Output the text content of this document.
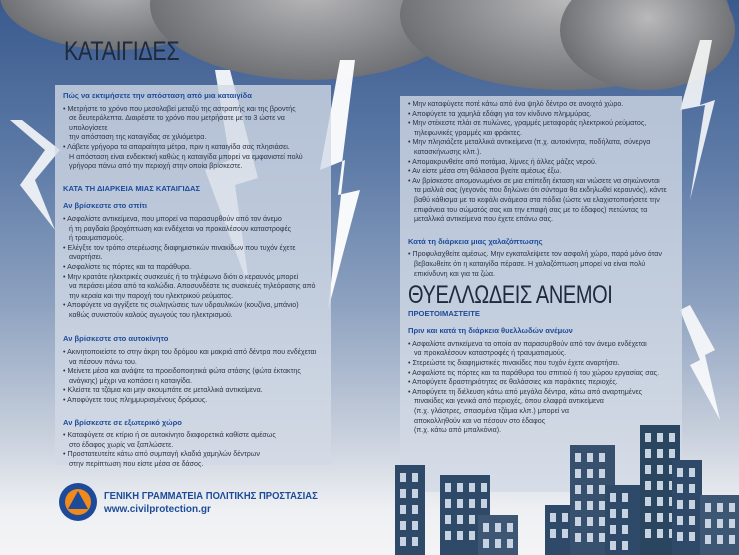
ΚΑΤΑΙΓΙΔΕΣ
Πώς να εκτιμήσετε την απόσταση από μια καταιγίδα
• Μετρήστε το χρόνο που μεσολαβεί μεταξύ της αστραπής και της βροντής
σε δευτερόλεπτα. Διαιρέστε το χρόνο που μετρήσατε με το 3 ώστε να υπολογίσετε
την απόσταση της καταιγίδας σε χιλιόμετρα.
• Λάβετε γρήγορα τα απαραίτητα μέτρα, πριν η καταιγίδα σας πλησιάσει.
Η απόσταση είναι ενδεικτική καθώς η καταιγίδα μπορεί να εμφανιστεί πολύ
γρήγορα πάνω από την περιοχή στην οποία βρίσκεστε.
ΚΑΤΑ ΤΗ ΔΙΑΡΚΕΙΑ ΜΙΑΣ ΚΑΤΑΙΓΙΔΑΣ
Αν βρίσκεστε στο σπίτι
• Ασφαλίστε αντικείμενα, που μπορεί να παρασυρθούν από τον άνεμο
ή τη ραγδαία βροχόπτωση και ενδέχεται να προκαλέσουν καταστροφές
ή τραυματισμούς.
• Ελέγξτε τον τρόπο στερέωσης διαφημιστικών πινακίδων που τυχόν έχετε
αναρτήσει.
• Ασφαλίστε τις πόρτες και τα παράθυρα.
• Μην κρατάτε ηλεκτρικές συσκευές ή το τηλέφωνο διότι ο κεραυνός μπορεί
να περάσει μέσα από τα καλώδια. Αποσυνδέστε τις συσκευές τηλεόρασης από
την κεραία και την παροχή του ηλεκτρικού ρεύματος.
• Αποφύγετε να αγγίξετε τις σωληνώσεις των υδραυλικών (κουζίνα, μπάνιο)
καθώς συνιστούν καλούς αγωγούς του ηλεκτρισμού.
Αν βρίσκεστε στο αυτοκίνητο
• Ακινητοποιείστε το στην άκρη του δρόμου και μακριά από δέντρα που ενδέχεται
να πέσουν πάνω του.
• Μείνετε μέσα και ανάψτε τα προειδοποιητικά φώτα στάσης (φώτα έκτακτης
ανάγκης) μέχρι να κοπάσει η καταιγίδα.
• Κλείστε τα τζάμια και μην ακουμπάτε σε μεταλλικά αντικείμενα.
• Αποφύγετε τους πλημμυρισμένους δρόμους.
Αν βρίσκεστε σε εξωτερικό χώρο
• Καταφύγετε σε κτίριο ή σε αυτοκίνητο διαφορετικά καθίστε αμέσως
στο έδαφος χωρίς να ξαπλώσετε.
• Προστατευτείτε κάτω από συμπαγή κλαδιά χαμηλών δέντρων
στην περίπτωση που είστε μέσα σε δάσος.
• Μην καταφύγετε ποτέ κάτω από ένα ψηλό δέντρο σε ανοιχτό χώρο.
• Αποφύγετε τα χαμηλά εδάφη για τον κίνδυνο πλημμύρας.
• Μην στέκεστε πλάι σε πυλώνες, γραμμές μεταφοράς ηλεκτρικού ρεύματος,
τηλεφωνικές γραμμές και φράκτες.
• Μην πλησιάζετε μεταλλικά αντικείμενα (π.χ. αυτοκίνητα, ποδήλατα, σύνεργα
κατασκήνωσης κλπ.).
• Απομακρυνθείτε από ποτάμια, λίμνες ή άλλες μάζες νερού.
• Αν είστε μέσα στη θάλασσα βγείτε αμέσως έξω.
• Αν βρίσκεστε απομονωμένοι σε μια επίπεδη έκταση και νιώσετε να σηκώνονται
τα μαλλιά σας (γεγονός που δηλώνει ότι σύντομα θα εκδηλωθεί κεραυνός), κάντε
βαθύ κάθισμα με το κεφάλι ανάμεσα στα πόδια (ώστε να ελαχιστοποιήσετε την
επιφάνεια του σώματός σας και την επαφή σας με το έδαφος) πετώντας τα
μεταλλικά αντικείμενα που έχετε επάνω σας.
Κατά τη διάρκεια μιας χαλαζόπτωσης
• Προφυλαχθείτε αμέσως. Μην εγκαταλείψετε τον ασφαλή χώρο, παρά μόνο όταν
βεβαιωθείτε ότι η καταιγίδα πέρασε. Η χαλαζόπτωση μπορεί να είναι πολύ
επικίνδυνη και για τα ζώα.
ΘΥΕΛΛΩΔΕΙΣ ΑΝΕΜΟΙ
ΠΡΟΕΤΟΙΜΑΣΤΕΙΤΕ
Πριν και κατά τη διάρκεια θυελλωδών ανέμων
• Ασφαλίστε αντικείμενα τα οποία αν παρασυρθούν από τον άνεμο ενδέχεται
να προκαλέσουν καταστροφές ή τραυματισμούς.
• Στερεώστε τις διαφημιστικές πινακίδες που τυχόν έχετε αναρτήσει.
• Ασφαλίστε τις πόρτες και τα παράθυρα του σπιτιού ή του χώρου εργασίας σας.
• Αποφύγετε δραστηριότητες σε θαλάσσιες και παράκτιες περιοχές.
• Αποφύγετε τη διέλευση κάτω από μεγάλα δέντρα, κάτω από αναρτημένες
πινακίδες και γενικά από περιοχές, όπου ελαφρά αντικείμενα
(π.χ. γλάστρες, σπασμένα τζάμια κλπ.) μπορεί να
αποκολληθούν και να πέσουν στο έδαφος
(π.χ. κάτω από μπαλκόνια).
ΓΕΝΙΚΗ ΓΡΑΜΜΑΤΕΙΑ ΠΟΛΙΤΙΚΗΣ ΠΡΟΣΤΑΣΙΑΣ
www.civilprotection.gr
